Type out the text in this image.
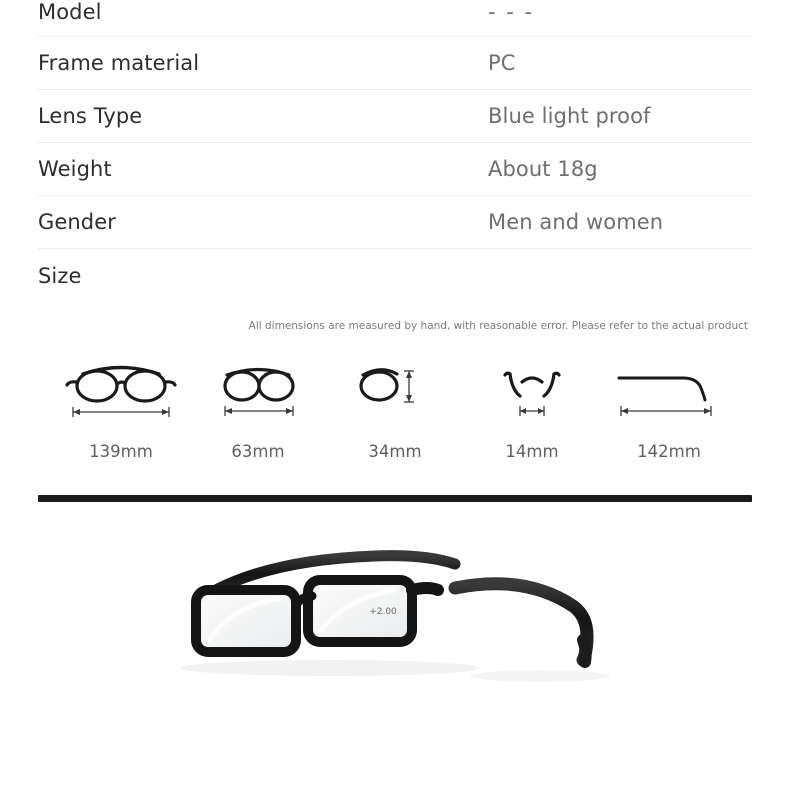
Model	- - -
Frame material	PC
Lens Type	Blue light proof
Weight	About 18g
Gender	Men and women
Size
All dimensions are measured by hand, with reasonable error. Please refer to the actual product
139mm	63mm	34mm	14mm	142mm
+2.00
